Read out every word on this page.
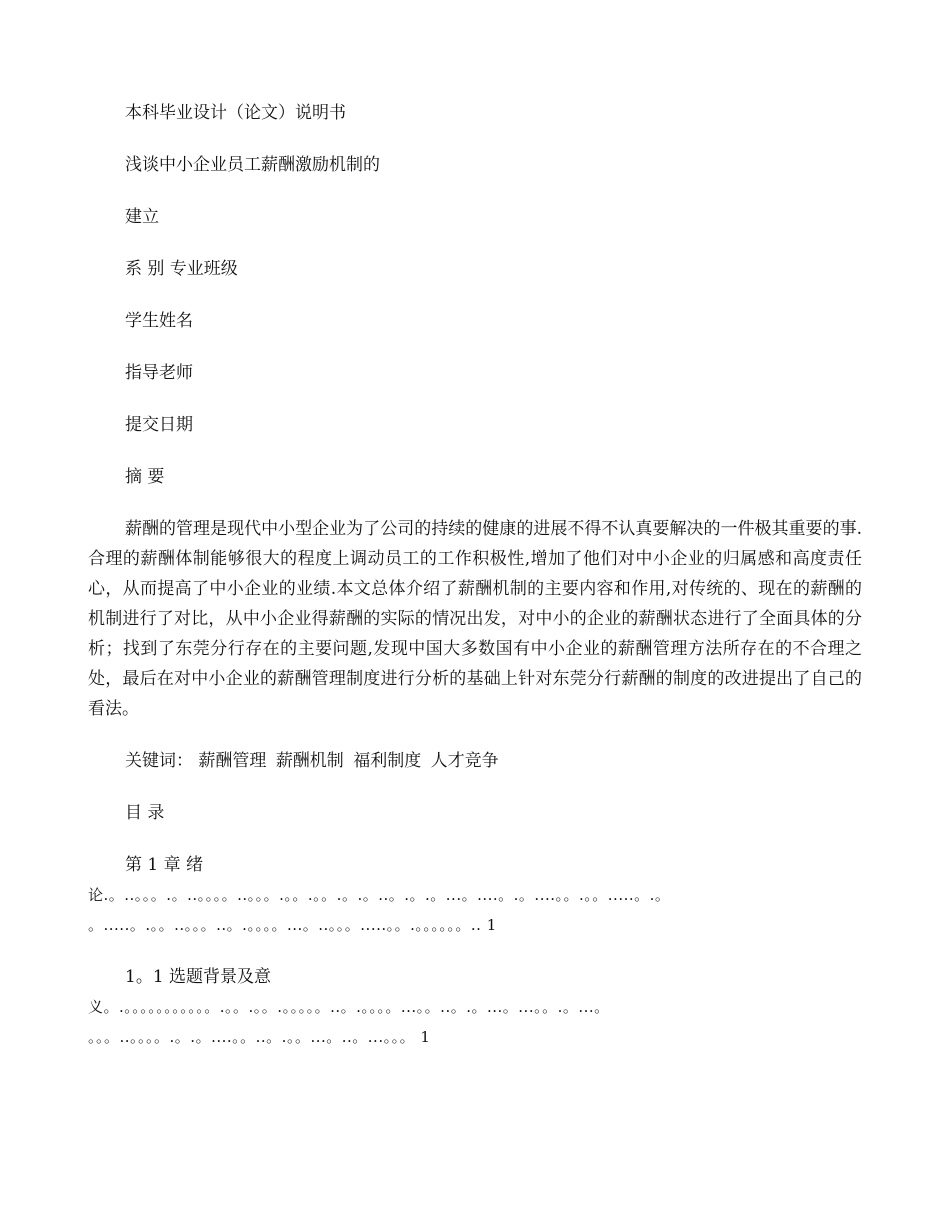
本科毕业设计（论文）说明书

浅谈中小企业员工薪酬激励机制的

建立

系 别 专业班级

学生姓名

指导老师

提交日期

摘 要

薪酬的管理是现代中小型企业为了公司的持续的健康的进展不得不认真要解决的一件极其重要的事.合理的薪酬体制能够很大的程度上调动员工的工作积极性,增加了他们对中小企业的归属感和高度责任心，从而提高了中小企业的业绩.本文总体介绍了薪酬机制的主要内容和作用,对传统的、现在的薪酬的机制进行了对比，从中小企业得薪酬的实际的情况出发，对中小的企业的薪酬状态进行了全面具体的分析；找到了东莞分行存在的主要问题,发现中国大多数国有中小企业的薪酬管理方法所存在的不合理之处，最后在对中小企业的薪酬管理制度进行分析的基础上针对东莞分行薪酬的制度的改进提出了自己的看法。

关键词： 薪酬管理 薪酬机制 福利制度 人才竞争

目 录

第 1 章 绪

论.。..。。。.。..。。。。..。。。.。。.。。.。.。..。.。.。...。....。.。....。。.。。.....。.。

。.....。.。。..。。。..。.。。。。...。..。。。.....。。.。。。。。。.. 1

1。1 选题背景及意

义。.。。。。。。。。。。。.。。.。。.。。。。。..。.。。。。...。。..。.。...。...。。.。...。

。。。..。。。。.。.。....。。..。.。。...。..。...。。。 1
